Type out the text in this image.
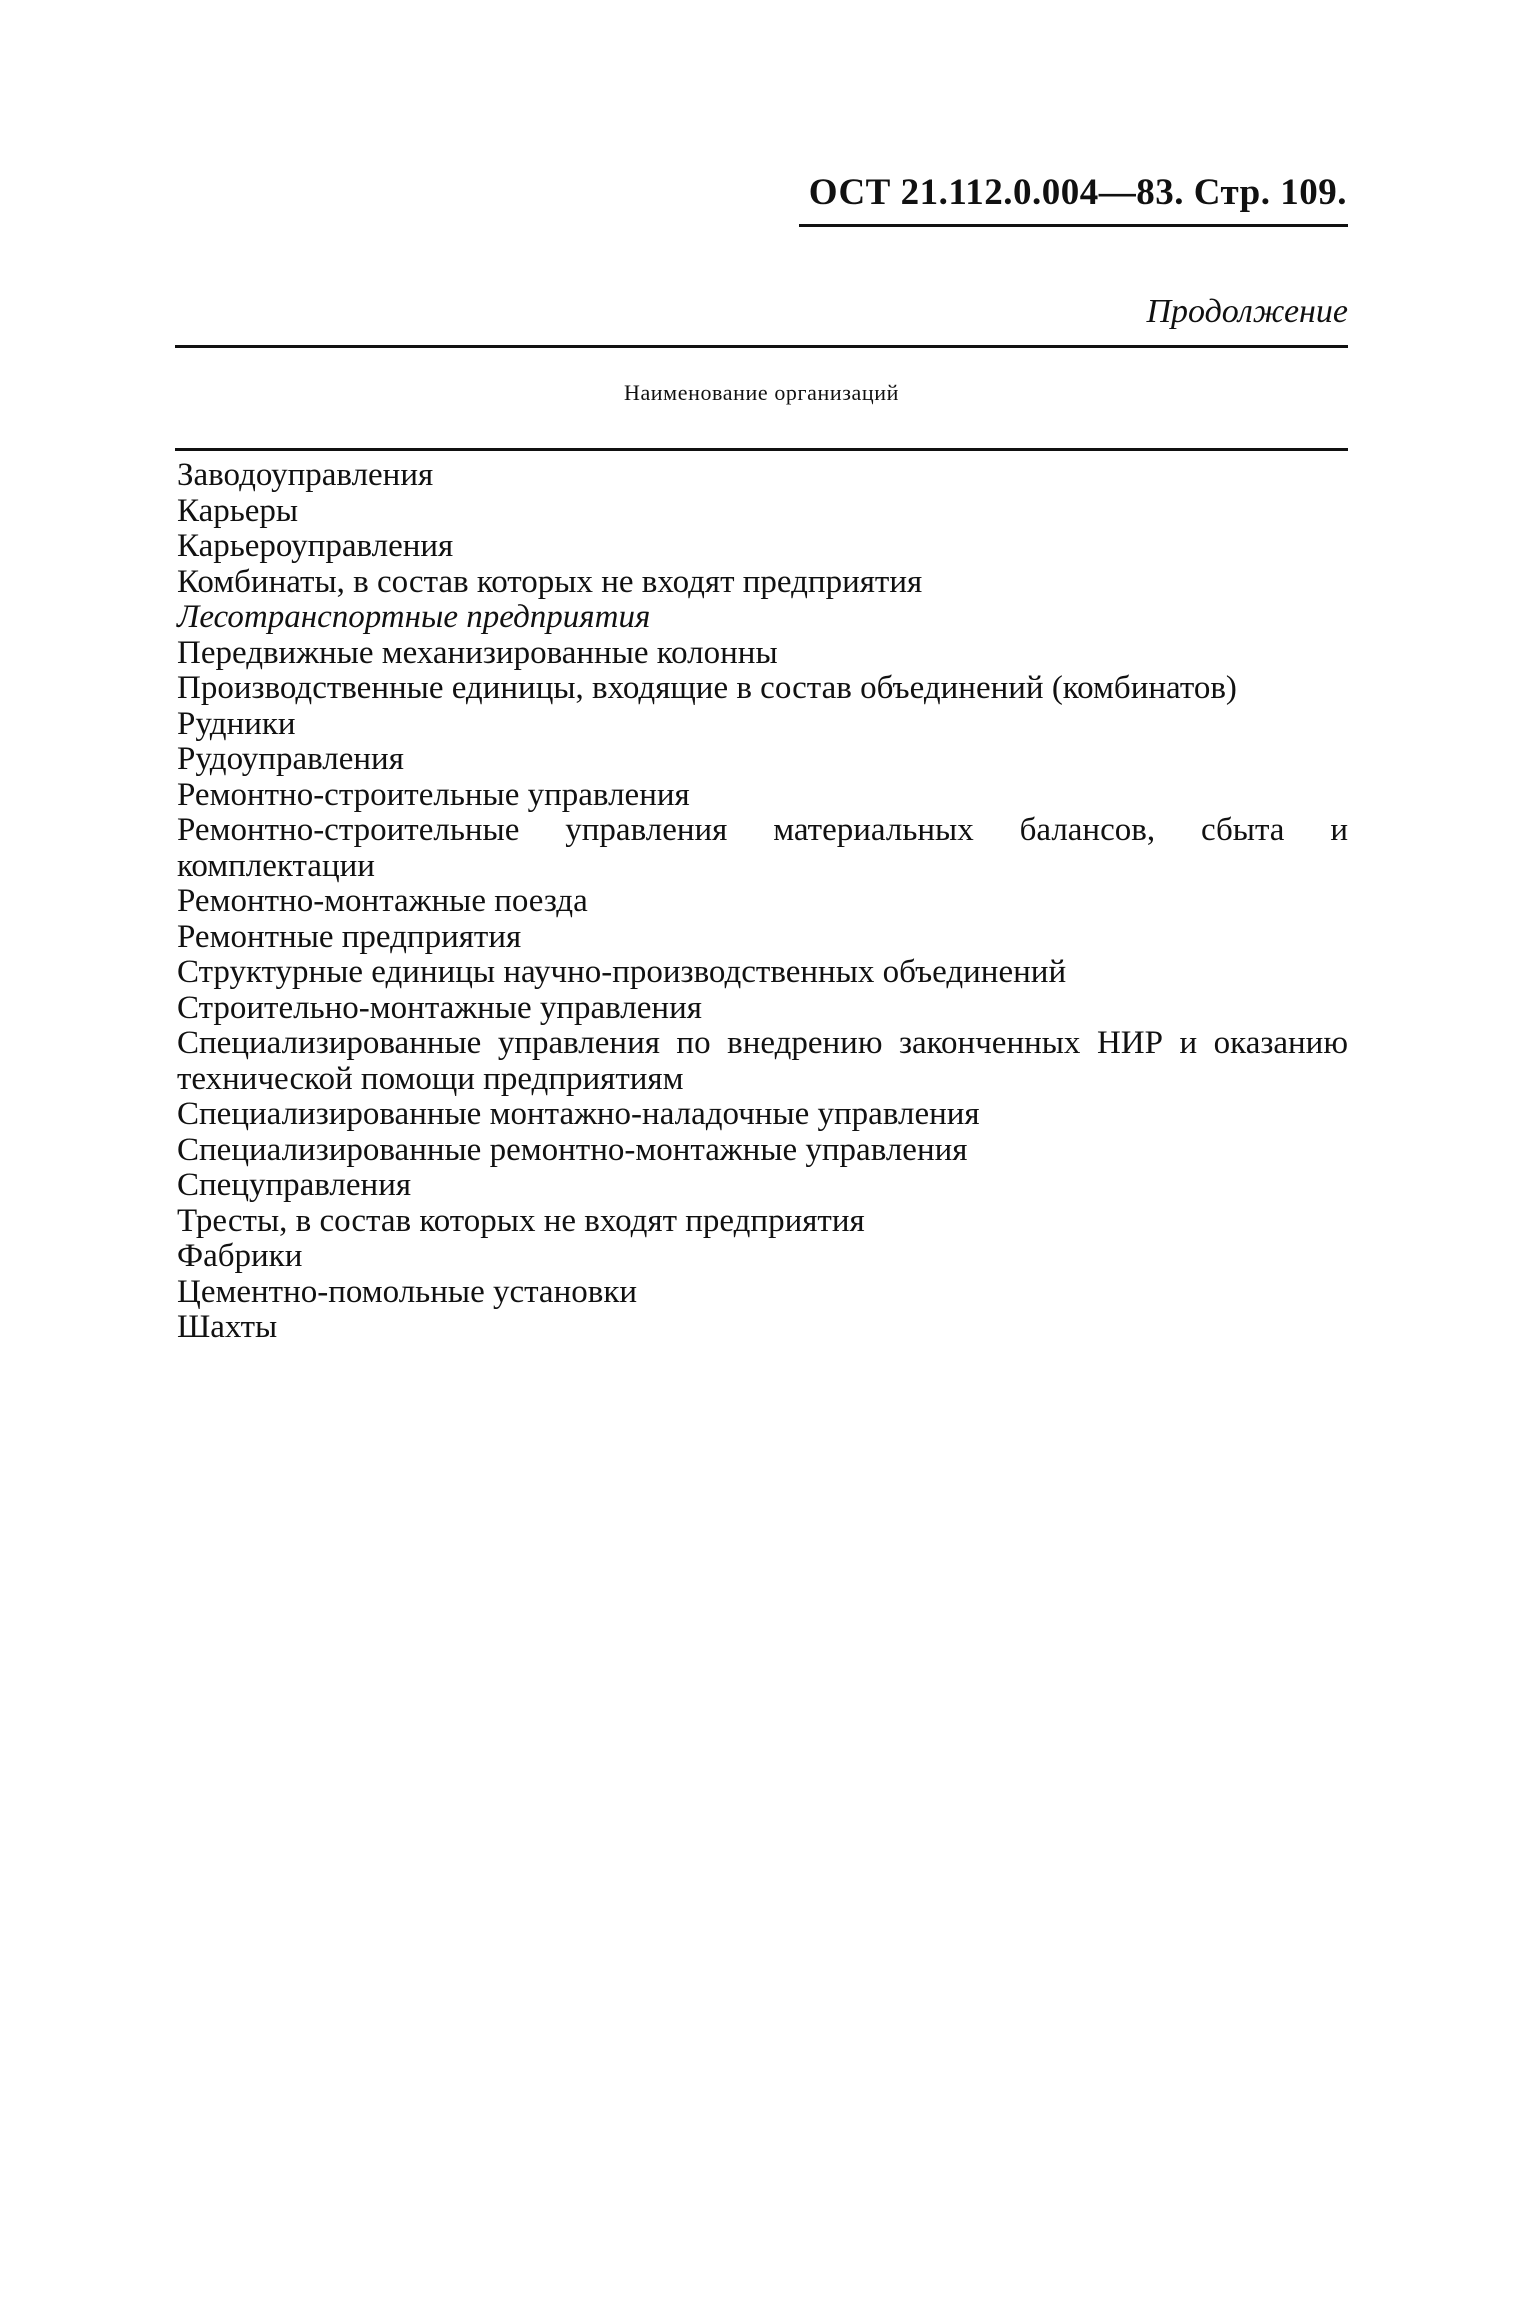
ОСТ 21.112.0.004—83. Стр. 109.
Продолжение
Наименование организаций
Заводоуправления
Карьеры
Карьероуправления
Комбинаты, в состав которых не входят предприятия
Лесотранспортные предприятия
Передвижные механизированные колонны
Производственные единицы, входящие в состав объединений (комбинатов)
Рудники
Рудоуправления
Ремонтно-строительные управления
Ремонтно-строительные управления материальных балансов, сбыта и комплектации
Ремонтно-монтажные поезда
Ремонтные предприятия
Структурные единицы научно-производственных объединений
Строительно-монтажные управления
Специализированные управления по внедрению законченных НИР и оказанию технической помощи предприятиям
Специализированные монтажно-наладочные управления
Специализированные ремонтно-монтажные управления
Спецуправления
Тресты, в состав которых не входят предприятия
Фабрики
Цементно-помольные установки
Шахты
